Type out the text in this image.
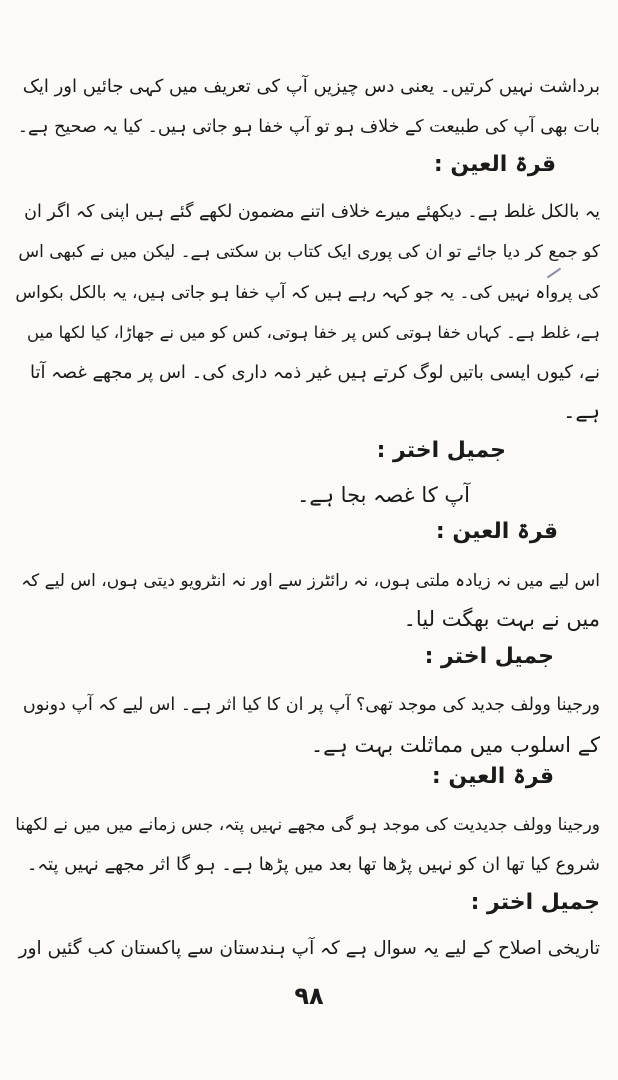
برداشت نہیں کرتیں۔ یعنی دس چیزیں آپ کی تعریف میں کہی جائیں اور ایک
بات بھی آپ کی طبیعت کے خلاف ہو تو آپ خفا ہو جاتی ہیں۔ کیا یہ صحیح ہے۔
قرۃ العین :
یہ بالکل غلط ہے۔ دیکھئے میرے خلاف اتنے مضمون لکھے گئے ہیں اپنی کہ اگر ان
کو جمع کر دیا جائے تو ان کی پوری ایک کتاب بن سکتی ہے۔ لیکن میں نے کبھی اس
کی پرواہ نہیں کی۔ یہ جو کہہ رہے ہیں کہ آپ خفا ہو جاتی ہیں، یہ بالکل بکواس
ہے، غلط ہے۔ کہاں خفا ہوتی کس پر خفا ہوتی، کس کو میں نے جھاڑا، کیا لکھا میں
نے، کیوں ایسی باتیں لوگ کرتے ہیں غیر ذمہ داری کی۔ اس پر مجھے غصہ آتا
ہے۔
جمیل اختر :
آپ کا غصہ بجا ہے۔
قرۃ العین :
اس لیے میں نہ زیادہ ملتی ہوں، نہ رائٹرز سے اور نہ انٹرویو دیتی ہوں، اس لیے کہ
میں نے بہت بھگت لیا۔
جمیل اختر :
ورجینا وولف جدید کی موجد تھی؟ آپ پر ان کا کیا اثر ہے۔ اس لیے کہ آپ دونوں
کے اسلوب میں مماثلت بہت ہے۔
قرۃ العین :
ورجینا وولف جدیدیت کی موجد ہو گی مجھے نہیں پتہ، جس زمانے میں میں نے لکھنا
شروع کیا تھا ان کو نہیں پڑھا تھا بعد میں پڑھا ہے۔ ہو گا اثر مجھے نہیں پتہ۔
جمیل اختر :
تاریخی اصلاح کے لیے یہ سوال ہے کہ آپ ہندستان سے پاکستان کب گئیں اور
۹۸
